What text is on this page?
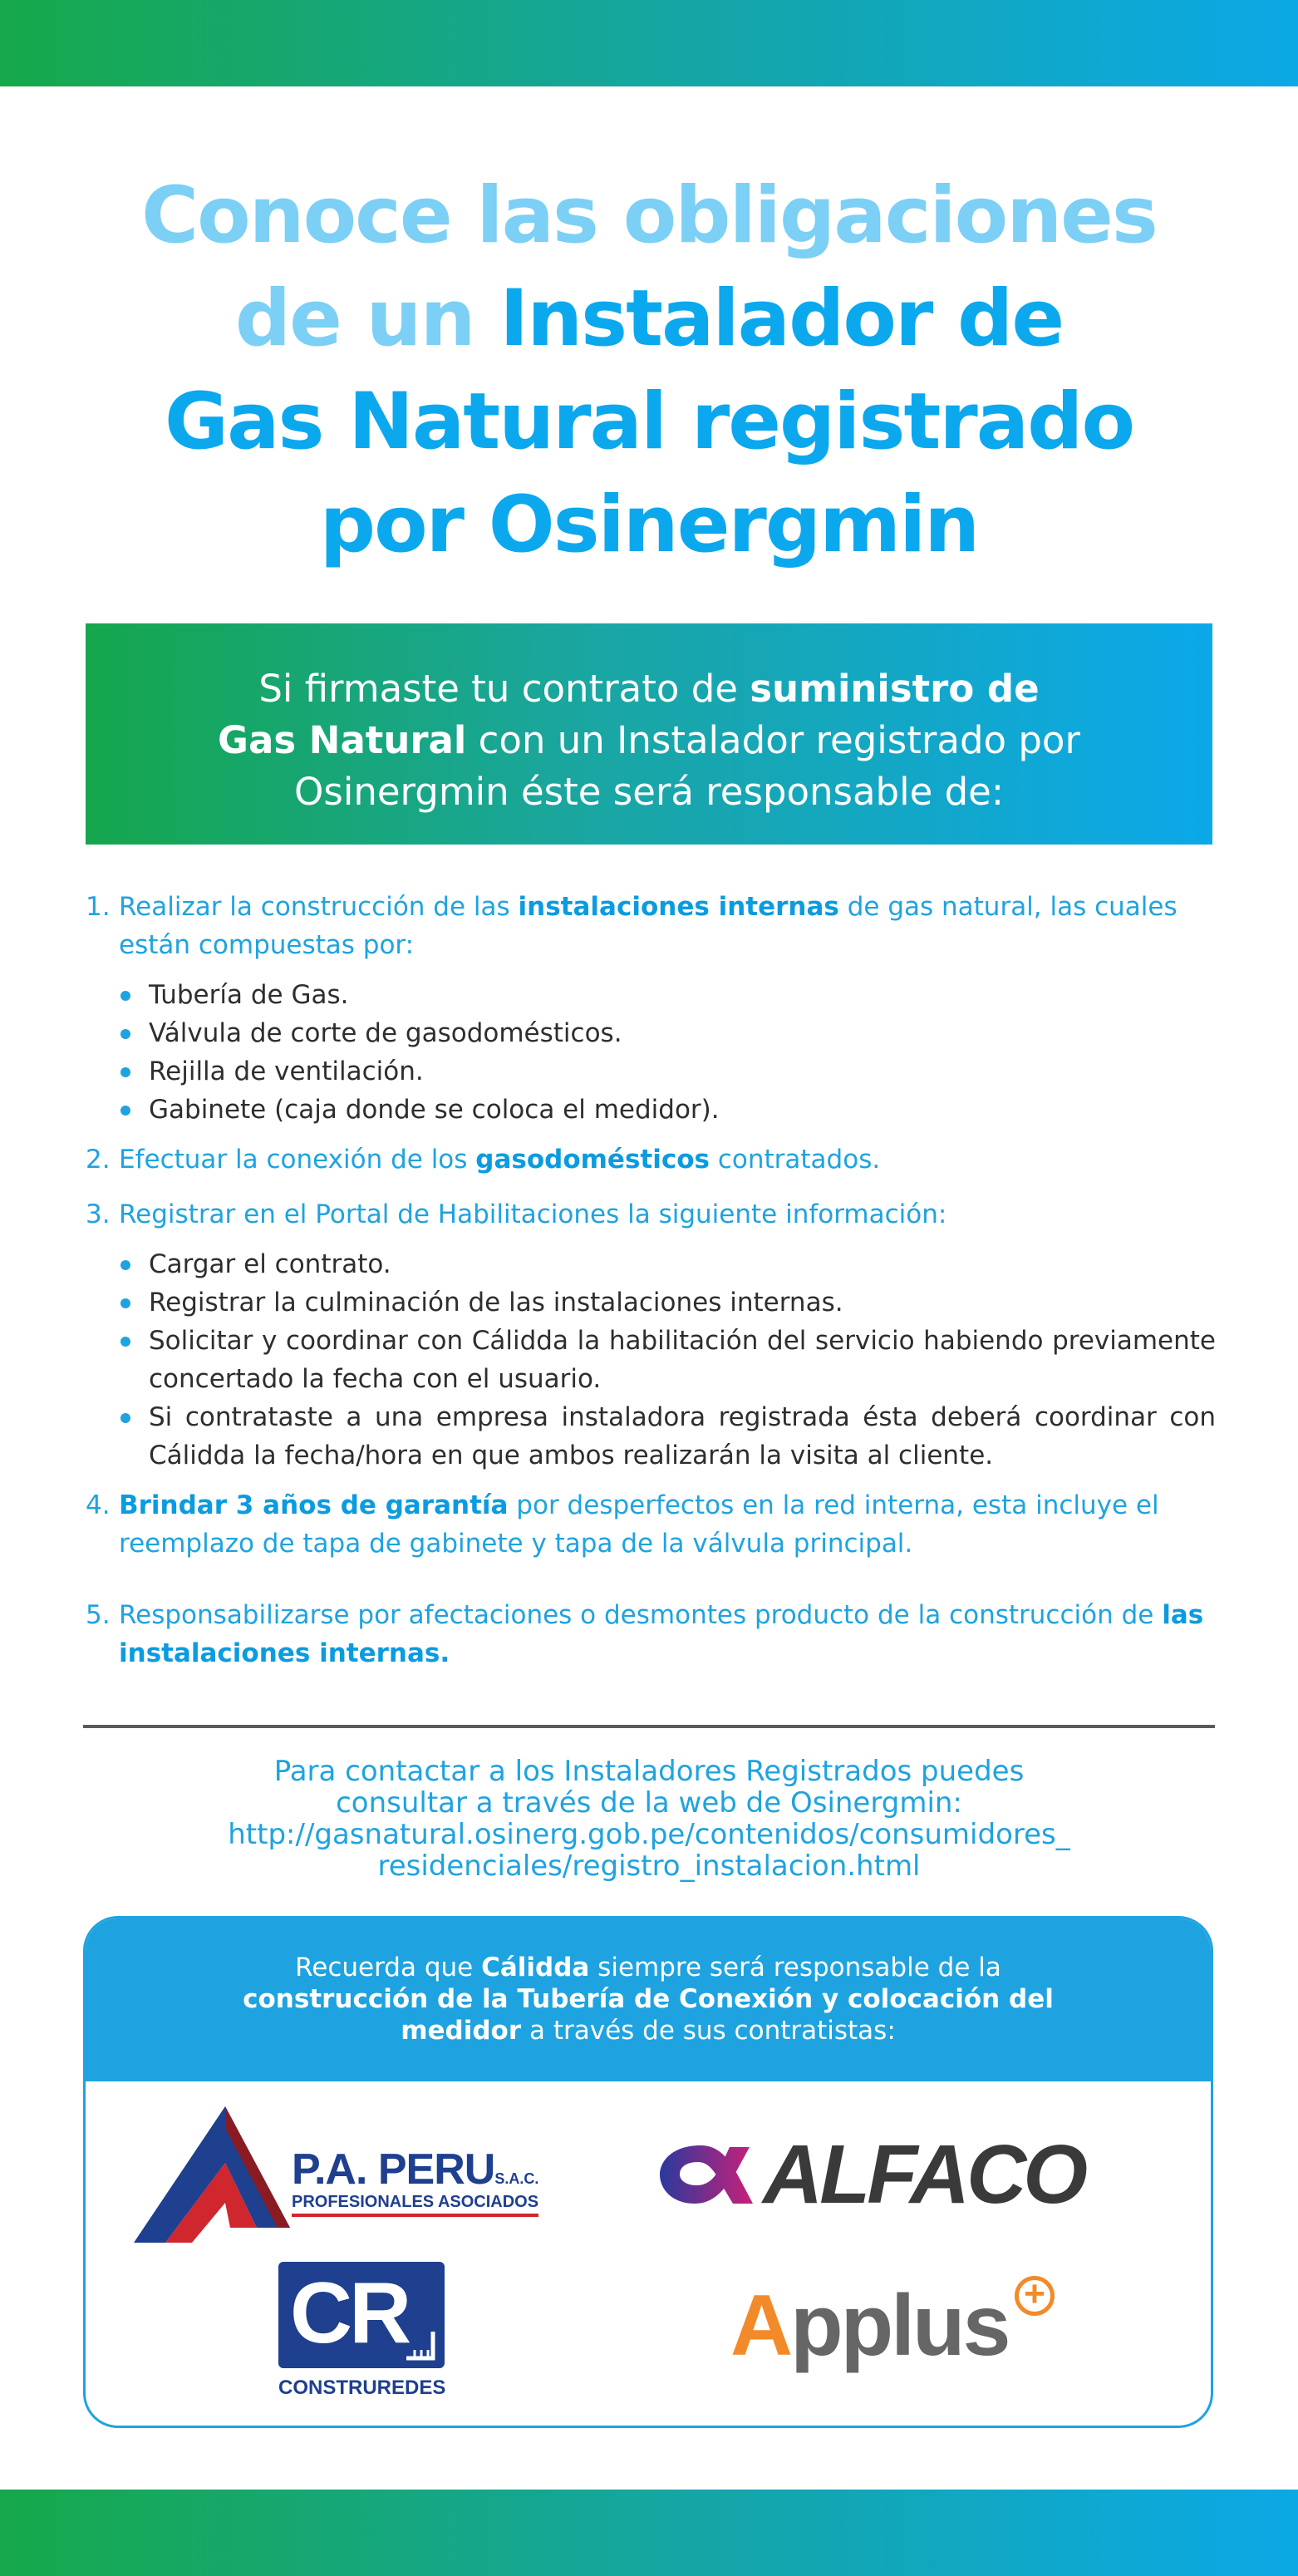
Conoce las obligaciones
de un Instalador de
Gas Natural registrado
por Osinergmin
Si firmaste tu contrato de suministro de
Gas Natural con un Instalador registrado por
Osinergmin éste será responsable de:
1. Realizar la construcción de las instalaciones internas de gas natural, las cuales están compuestas por:
Tubería de Gas.
Válvula de corte de gasodomésticos.
Rejilla de ventilación.
Gabinete (caja donde se coloca el medidor).
2. Efectuar la conexión de los gasodomésticos contratados.
3. Registrar en el Portal de Habilitaciones la siguiente información:
Cargar el contrato.
Registrar la culminación de las instalaciones internas.
Solicitar y coordinar con Cálidda la habilitación del servicio habiendo previamente concertado la fecha con el usuario.
Si contrataste a una empresa instaladora registrada ésta deberá coordinar con Cálidda la fecha/hora en que ambos realizarán la visita al cliente.
4. Brindar 3 años de garantía por desperfectos en la red interna, esta incluye el reemplazo de tapa de gabinete y tapa de la válvula principal.
5. Responsabilizarse por afectaciones o desmontes producto de la construcción de las instalaciones internas.
Para contactar a los Instaladores Registrados puedes
consultar a través de la web de Osinergmin:
http://gasnatural.osinerg.gob.pe/contenidos/consumidores_
residenciales/registro_instalacion.html
Recuerda que Cálidda siempre será responsable de la
construcción de la Tubería de Conexión y colocación del
medidor a través de sus contratistas:
P.A. PERUS.A.C.
PROFESIONALES ASOCIADOS	ALFACO
CR
CONSTRUREDES
Applus +
